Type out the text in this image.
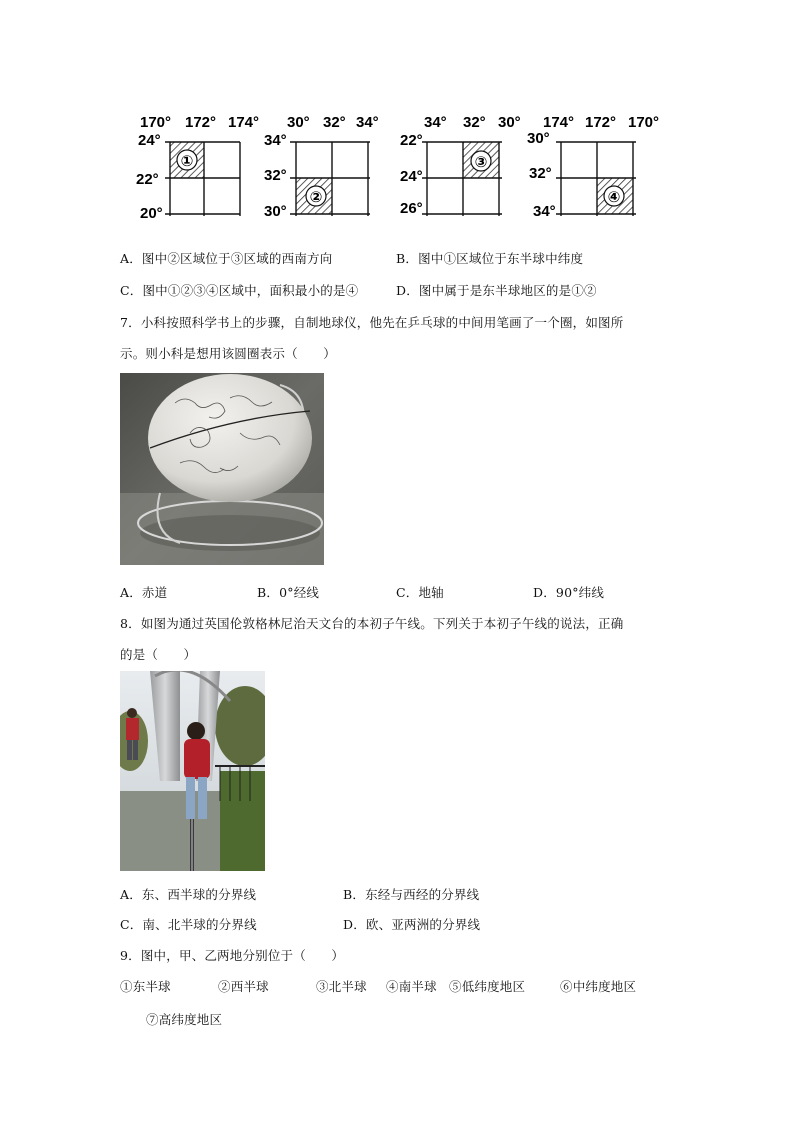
170° 172° 174°
24°
22°
20°
①
30° 32° 34°
34°
32°
30°
②
34° 32° 30°
22°
24°
26°
③
174° 172° 170°
30°
32°
34°
④
A．图中②区域位于③区域的西南方向	B．图中①区域位于东半球中纬度
C．图中①②③④区域中，面积最小的是④	D．图中属于是东半球地区的是①②
7．小科按照科学书上的步骤，自制地球仪，他先在乒乓球的中间用笔画了一个圈，如图所
示。则小科是想用该圆圈表示（　　）
A．赤道	B．0°经线	C．地轴	D．90°纬线
8．如图为通过英国伦敦格林尼治天文台的本初子午线。下列关于本初子午线的说法，正确
的是（　　）
A．东、西半球的分界线	B．东经与西经的分界线
C．南、北半球的分界线	D．欧、亚两洲的分界线
9．图中，甲、乙两地分别位于（　　）
①东半球	②西半球	③北半球 ④南半球 ⑤低纬度地区	⑥中纬度地区
⑦高纬度地区
